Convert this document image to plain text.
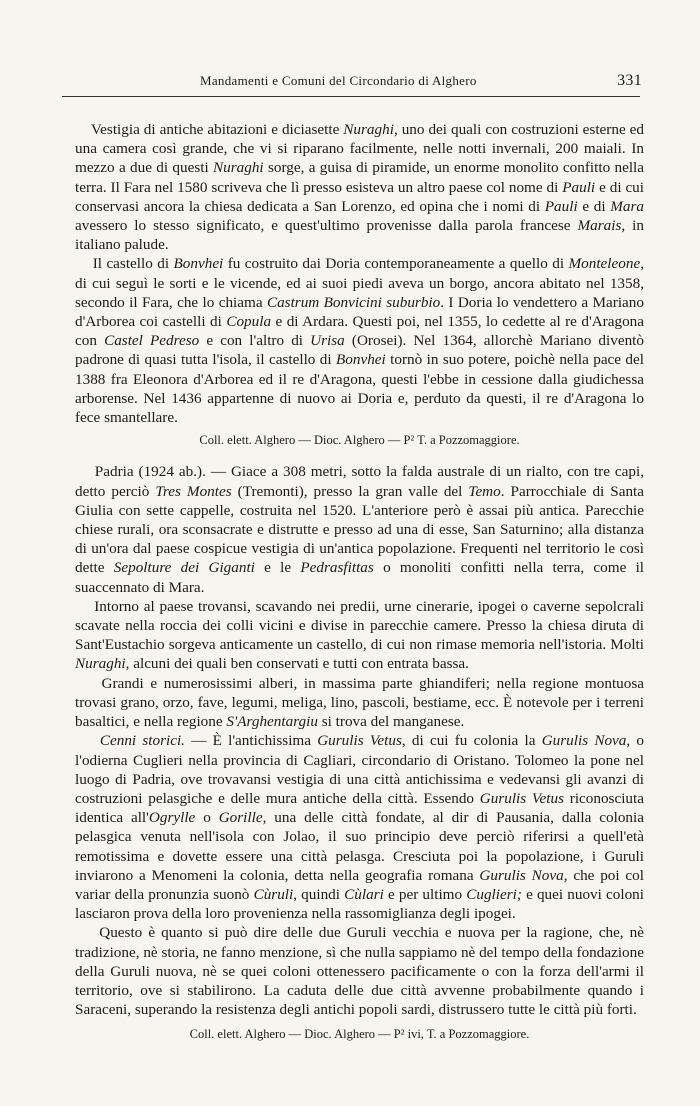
Mandamenti e Comuni del Circondario di Alghero	331

Vestigia di antiche abitazioni e diciasette Nuraghi, uno dei quali con costruzioni esterne ed una camera così grande, che vi si riparano facilmente, nelle notti invernali, 200 maiali. In mezzo a due di questi Nuraghi sorge, a guisa di piramide, un enorme monolito confitto nella terra. Il Fara nel 1580 scriveva che lì presso esisteva un altro paese col nome di Pauli e di cui conservasi ancora la chiesa dedicata a San Lorenzo, ed opina che i nomi di Pauli e di Mara avessero lo stesso significato, e quest'ultimo provenisse dalla parola francese Marais, in italiano palude.

Il castello di Bonvhei fu costruito dai Doria contemporaneamente a quello di Monteleone, di cui seguì le sorti e le vicende, ed ai suoi piedi aveva un borgo, ancora abitato nel 1358, secondo il Fara, che lo chiama Castrum Bonvicini suburbio. I Doria lo vendettero a Mariano d'Arborea coi castelli di Copula e di Ardara. Questi poi, nel 1355, lo cedette al re d'Aragona con Castel Pedreso e con l'altro di Urisa (Orosei). Nel 1364, allorchè Mariano diventò padrone di quasi tutta l'isola, il castello di Bonvhei tornò in suo potere, poichè nella pace del 1388 fra Eleonora d'Arborea ed il re d'Aragona, questi l'ebbe in cessione dalla giudichessa arborense. Nel 1436 appartenne di nuovo ai Doria e, perduto da questi, il re d'Aragona lo fece smantellare.

Coll. elett. Alghero — Dioc. Alghero — P² T. a Pozzomaggiore.

Padria (1924 ab.). — Giace a 308 metri, sotto la falda australe di un rialto, con tre capi, detto perciò Tres Montes (Tremonti), presso la gran valle del Temo. Parrocchiale di Santa Giulia con sette cappelle, costruita nel 1520. L'anteriore però è assai più antica. Parecchie chiese rurali, ora sconsacrate e distrutte e presso ad una di esse, San Saturnino; alla distanza di un'ora dal paese cospicue vestigia di un'antica popolazione. Frequenti nel territorio le così dette Sepolture dei Giganti e le Pedrasfittas o monoliti confitti nella terra, come il suaccennato di Mara.

Intorno al paese trovansi, scavando nei predii, urne cinerarie, ipogei o caverne sepolcrali scavate nella roccia dei colli vicini e divise in parecchie camere. Presso la chiesa diruta di Sant'Eustachio sorgeva anticamente un castello, di cui non rimase memoria nell'istoria. Molti Nuraghi, alcuni dei quali ben conservati e tutti con entrata bassa.

Grandi e numerosissimi alberi, in massima parte ghiandiferi; nella regione montuosa trovasi grano, orzo, fave, legumi, meliga, lino, pascoli, bestiame, ecc. È notevole per i terreni basaltici, e nella regione S'Arghentargiu si trova del manganese.

Cenni storici. — È l'antichissima Gurulis Vetus, di cui fu colonia la Gurulis Nova, o l'odierna Cuglieri nella provincia di Cagliari, circondario di Oristano. Tolomeo la pone nel luogo di Padria, ove trovavansi vestigia di una città antichissima e vedevansi gli avanzi di costruzioni pelasgiche e delle mura antiche della città. Essendo Gurulis Vetus riconosciuta identica all'Ogrylle o Gorille, una delle città fondate, al dir di Pausania, dalla colonia pelasgica venuta nell'isola con Jolao, il suo principio deve perciò riferirsi a quell'età remotissima e dovette essere una città pelasga. Cresciuta poi la popolazione, i Guruli inviarono a Menomeni la colonia, detta nella geografia romana Gurulis Nova, che poi col variar della pronunzia suonò Cùruli, quindi Cùlari e per ultimo Cuglieri; e quei nuovi coloni lasciaron prova della loro provenienza nella rassomiglianza degli ipogei.

Questo è quanto si può dire delle due Guruli vecchia e nuova per la ragione, che, nè tradizione, nè storia, ne fanno menzione, sì che nulla sappiamo nè del tempo della fondazione della Guruli nuova, nè se quei coloni ottenessero pacificamente o con la forza dell'armi il territorio, ove si stabilirono. La caduta delle due città avvenne probabilmente quando i Saraceni, superando la resistenza degli antichi popoli sardi, distrussero tutte le città più forti.

Coll. elett. Alghero — Dioc. Alghero — P² ivi, T. a Pozzomaggiore.
